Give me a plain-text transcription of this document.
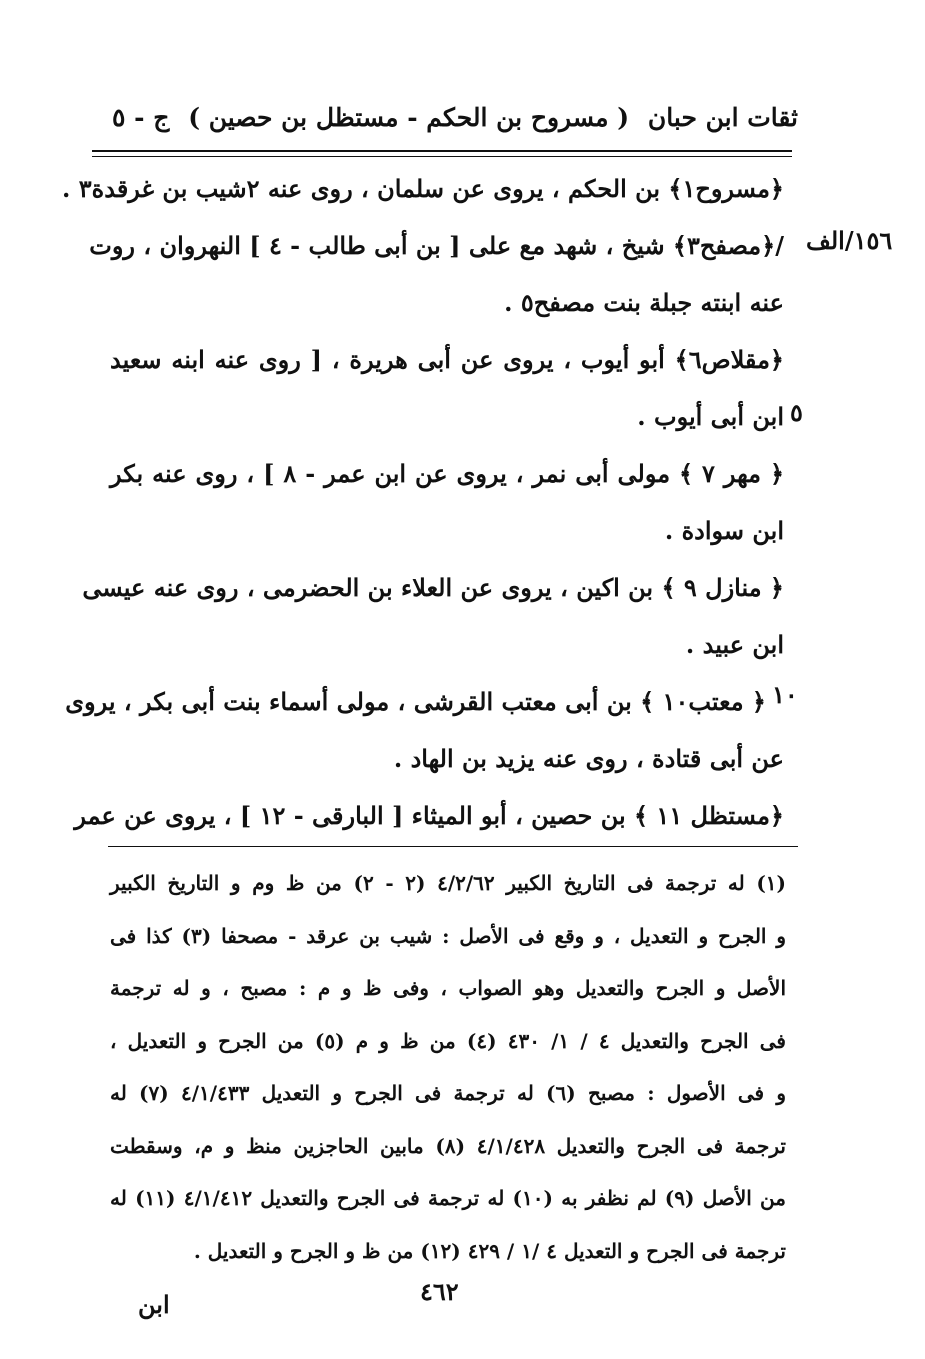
ثقات ابن حبان
( مسروح بن الحكم - مستظل بن حصين )
ج - ٥
١٥٦/الف
٥
١٠
﴿مسروح١﴾ بن الحكم ، يروى عن سلمان ، روى عنه ٢شيب بن غرقدة٣ .
/﴿مصفح٣﴾ شيخ ، شهد مع على [ بن أبى طالب - ٤ ] النهروان ، روت
عنه ابنته جبلة بنت مصفح٥ .
﴿مقلاص٦﴾ أبو أيوب ، يروى عن أبى هريرة ، [ روى عنه ابنه سعيد
ابن أبى أيوب .
﴿ مهر ٧ ﴾ مولى أبى نمر ، يروى عن ابن عمر - ٨ ] ، روى عنه بكر
ابن سوادة .
﴿ منازل ٩ ﴾ بن اكين ، يروى عن العلاء بن الحضرمى ، روى عنه عيسى
ابن عبيد .
﴿ معتب١٠ ﴾ بن أبى معتب القرشى ، مولى أسماء بنت أبى بكر ، يروى
عن أبى قتادة ، روى عنه يزيد بن الهاد .
﴿مستظل ١١ ﴾ بن حصين ، أبو الميثاء [ البارقى - ١٢ ] ، يروى عن عمر
(١) له ترجمة فى التاريخ الكبير ٤/٢/٦٢ (٢ - ٢) من ظ وم و التاريخ الكبير
و الجرح و التعديل ، و وقع فى الأصل : شيب بن عرقد - مصحفا (٣) كذا فى
الأصل و الجرح والتعديل وهو الصواب ، وفى ظ و م : مصبح ، و له ترجمة
فى الجرح والتعديل ٤ / ١/ ٤٣٠ (٤) من ظ و م (٥) من الجرح و التعديل ،
و فى الأصول : مصبح (٦) له ترجمة فى الجرح و التعديل ٤/١/٤٣٣ (٧) له
ترجمة فى الجرح والتعديل ٤/١/٤٢٨ (٨) مابين الحاجزين منظ و م، وسقطت
من الأصل (٩) لم نظفر به (١٠) له ترجمة فى الجرح والتعديل ٤/١/٤١٢ (١١) له
ترجمة فى الجرح و التعديل ٤ /١ / ٤٢٩ (١٢) من ظ و الجرح و التعديل .
٤٦٢
ابن
